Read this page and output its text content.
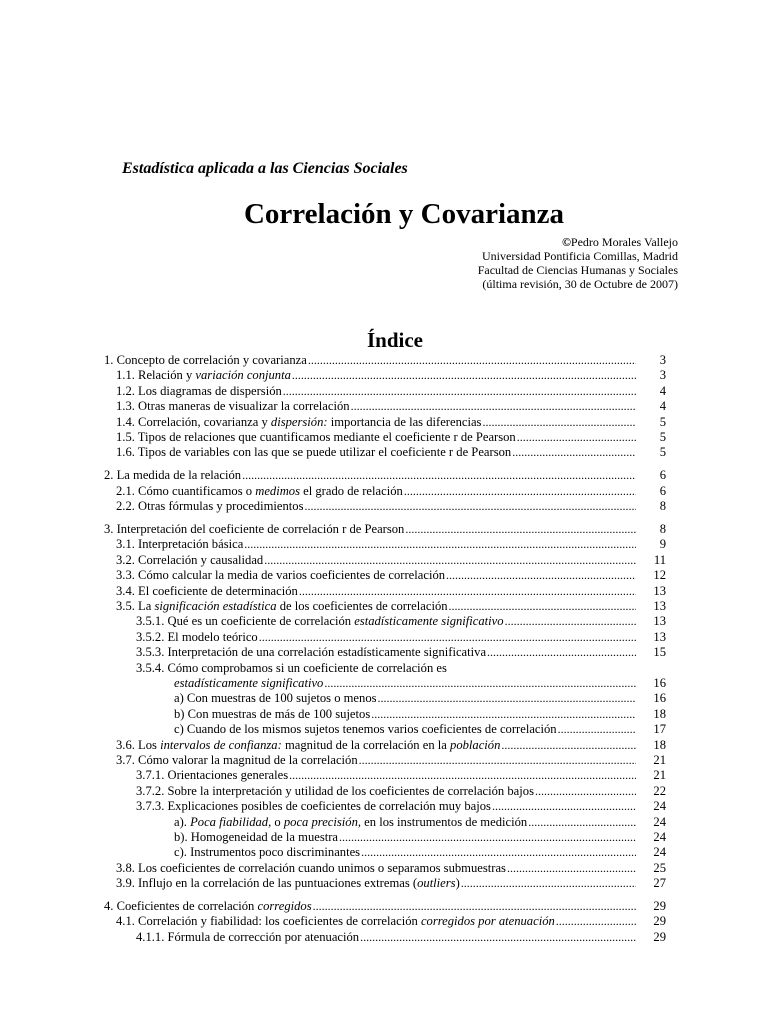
Estadística aplicada a las Ciencias Sociales
Correlación y Covarianza
©Pedro Morales Vallejo
Universidad Pontificia Comillas, Madrid
Facultad de Ciencias Humanas y Sociales
(última revisión, 30 de Octubre de 2007)
Índice
1. Concepto de correlación y covarianza .....	3
1.1. Relación y variación conjunta .....	3
1.2. Los diagramas de dispersión .....	4
1.3. Otras maneras de visualizar la correlación .....	4
1.4. Correlación, covarianza y dispersión: importancia de las diferencias .....	5
1.5. Tipos de relaciones que cuantificamos mediante el coeficiente r de Pearson .....	5
1.6. Tipos de variables con las que se puede utilizar el coeficiente r de Pearson .....	5
2. La medida de la relación .....	6
2.1. Cómo cuantificamos o medimos el grado de relación .....	6
2.2. Otras fórmulas y procedimientos .....	8
3. Interpretación del coeficiente de correlación r de Pearson .....	8
3.1. Interpretación básica .....	9
3.2. Correlación y causalidad .....	11
3.3. Cómo calcular la media de varios coeficientes de correlación .....	12
3.4. El coeficiente de determinación .....	13
3.5. La significación estadística de los coeficientes de correlación .....	13
3.5.1. Qué es un coeficiente de correlación estadísticamente significativo .....	13
3.5.2. El modelo teórico .....	13
3.5.3. Interpretación de una correlación estadísticamente significativa .....	15
3.5.4. Cómo comprobamos si un coeficiente de correlación es
estadísticamente significativo .....	16
a) Con muestras de 100 sujetos o menos .....	16
b) Con muestras de más de 100 sujetos .....	18
c) Cuando de los mismos sujetos tenemos varios coeficientes de correlación .....	17
3.6. Los intervalos de confianza: magnitud de la correlación en la población .....	18
3.7. Cómo valorar la magnitud de la correlación .....	21
3.7.1. Orientaciones generales .....	21
3.7.2. Sobre la interpretación y utilidad de los coeficientes de correlación bajos .....	22
3.7.3. Explicaciones posibles de coeficientes de correlación muy bajos .....	24
a). Poca fiabilidad, o poca precisión, en los instrumentos de medición .....	24
b). Homogeneidad de la muestra .....	24
c). Instrumentos poco discriminantes .....	24
3.8. Los coeficientes de correlación cuando unimos o separamos submuestras .....	25
3.9. Influjo en la correlación de las puntuaciones extremas (outliers) .....	27
4. Coeficientes de correlación corregidos .....	29
4.1. Correlación y fiabilidad: los coeficientes de correlación corregidos por atenuación .....	29
4.1.1. Fórmula de corrección por atenuación .....	29
